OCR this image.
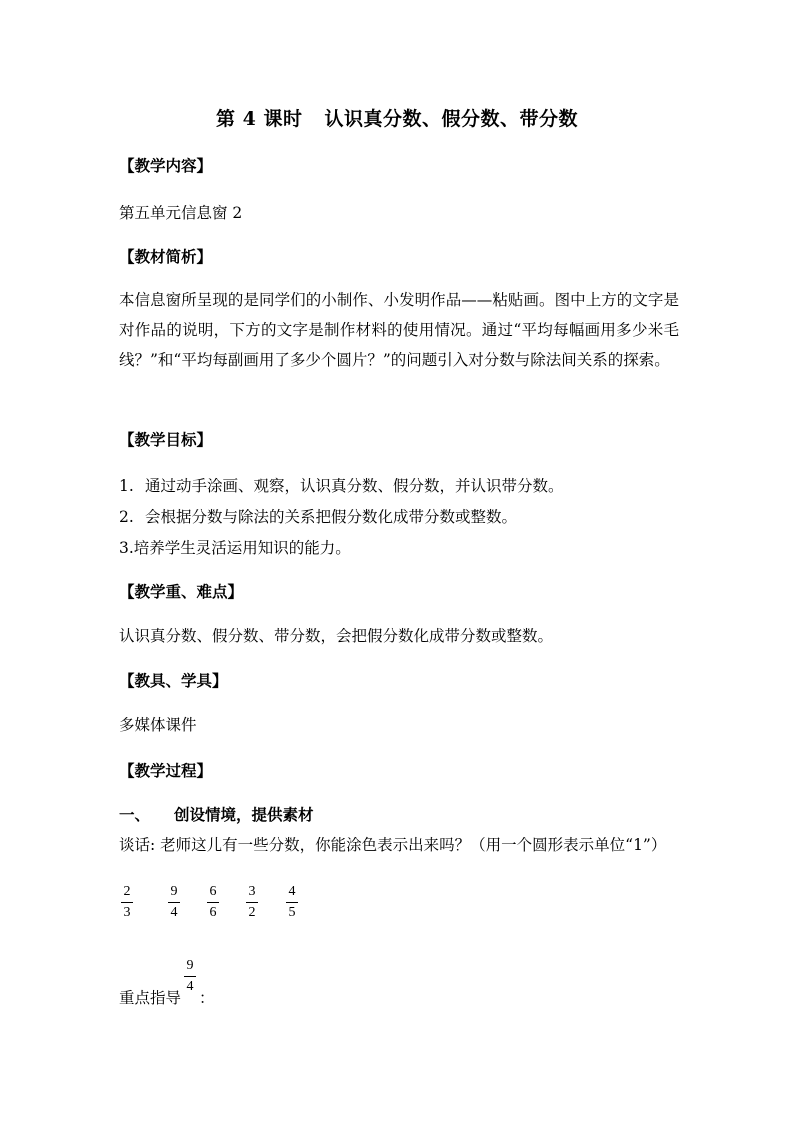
第 4 课时 认识真分数、假分数、带分数
【教学内容】
第五单元信息窗 2
【教材简析】
本信息窗所呈现的是同学们的小制作、小发明作品——粘贴画。图中上方的文字是对作品的说明，下方的文字是制作材料的使用情况。通过“平均每幅画用多少米毛线？”和“平均每副画用了多少个圆片？”的问题引入对分数与除法间关系的探索。
【教学目标】
1. 通过动手涂画、观察，认识真分数、假分数，并认识带分数。
2. 会根据分数与除法的关系把假分数化成带分数或整数。
3.培养学生灵活运用知识的能力。
【教学重、难点】
认识真分数、假分数、带分数，会把假分数化成带分数或整数。
【教具、学具】
多媒体课件
【教学过程】
一、 创设情境，提供素材
谈话: 老师这儿有一些分数，你能涂色表示出来吗？（用一个圆形表示单位“1”）
2
3
9
4
6
6
3
2
4
5
重点指导
9
4
：
